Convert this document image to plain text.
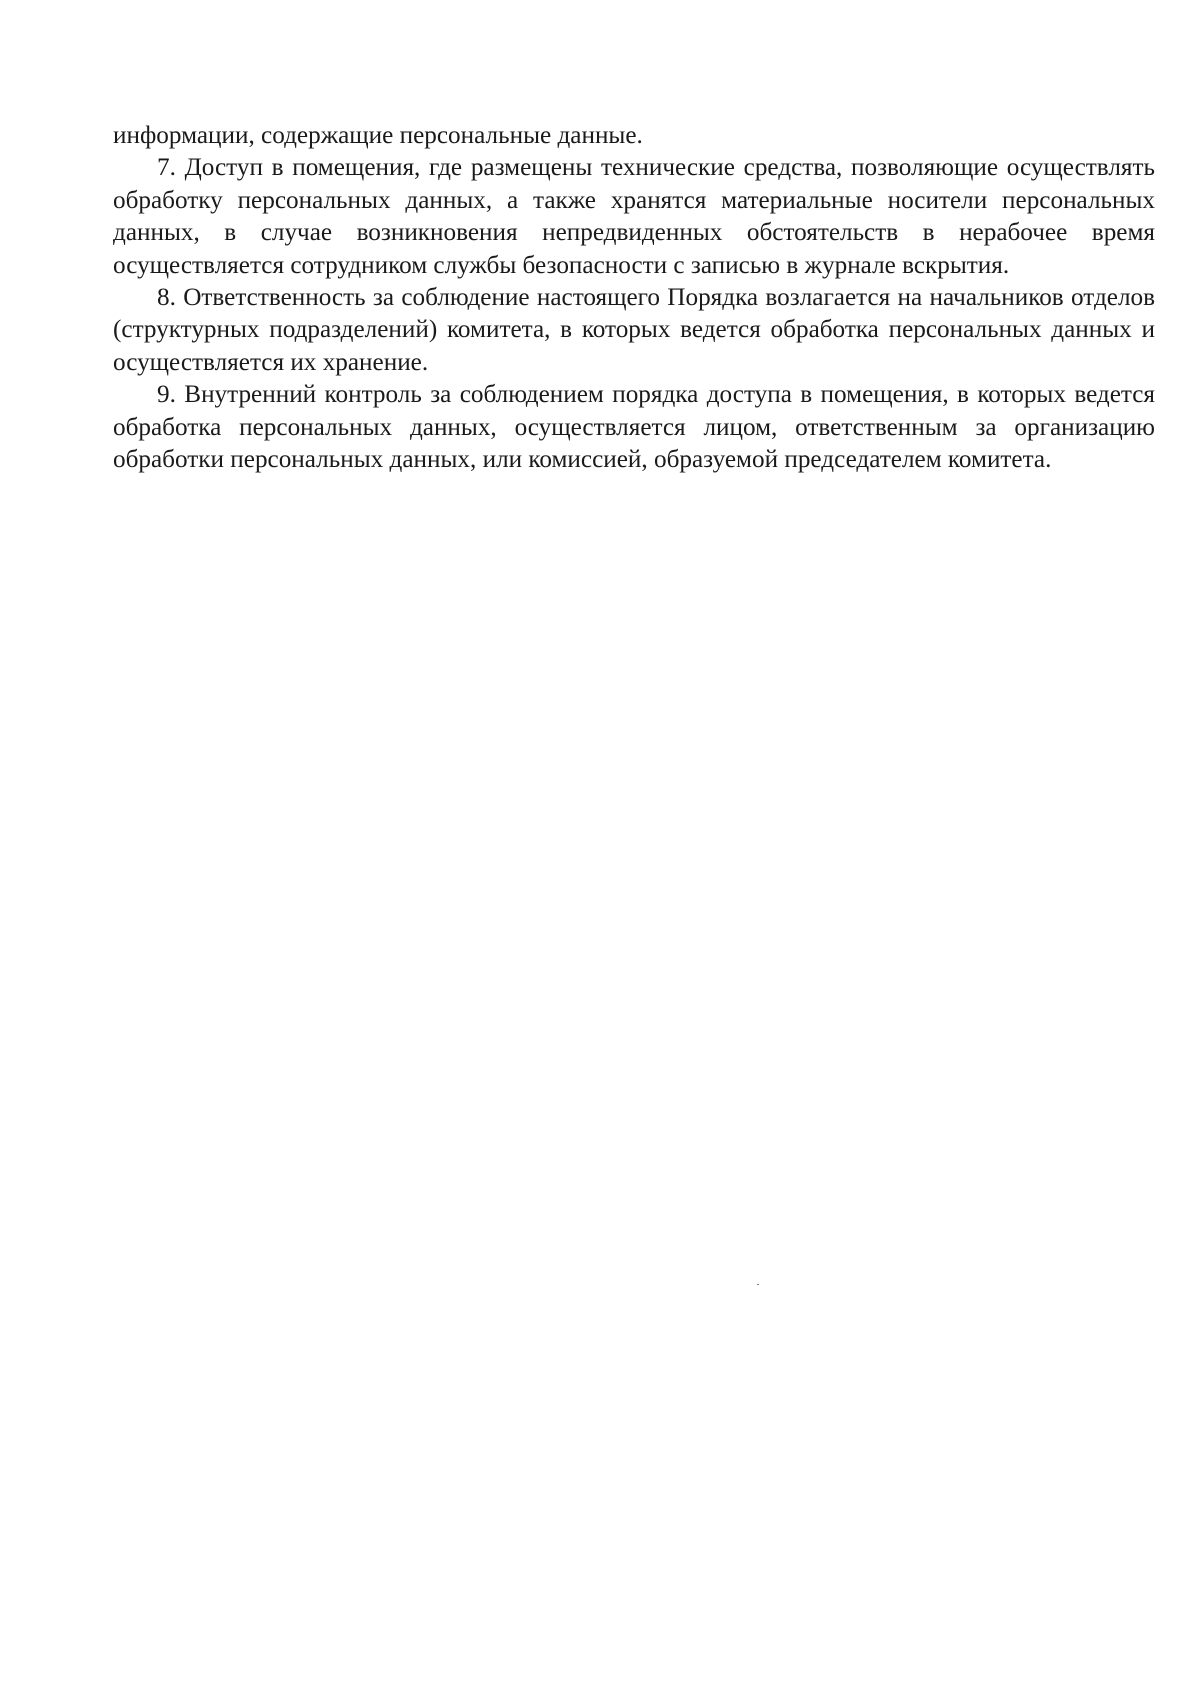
информации, содержащие персональные данные.

7. Доступ в помещения, где размещены технические средства, позволяющие осуществлять обработку персональных данных, а также хранятся материальные носители персональных данных, в случае возникновения непредвиденных обстоятельств в нерабочее время осуществляется сотрудником службы безопасности с записью в журнале вскрытия.

8. Ответственность за соблюдение настоящего Порядка возлагается на начальников отделов (структурных подразделений) комитета, в которых ведется обработка персональных данных и осуществляется их хранение.

9. Внутренний контроль за соблюдением порядка доступа в помещения, в которых ведется обработка персональных данных, осуществляется лицом, ответственным за организацию обработки персональных данных, или комиссией, образуемой председателем комитета.
